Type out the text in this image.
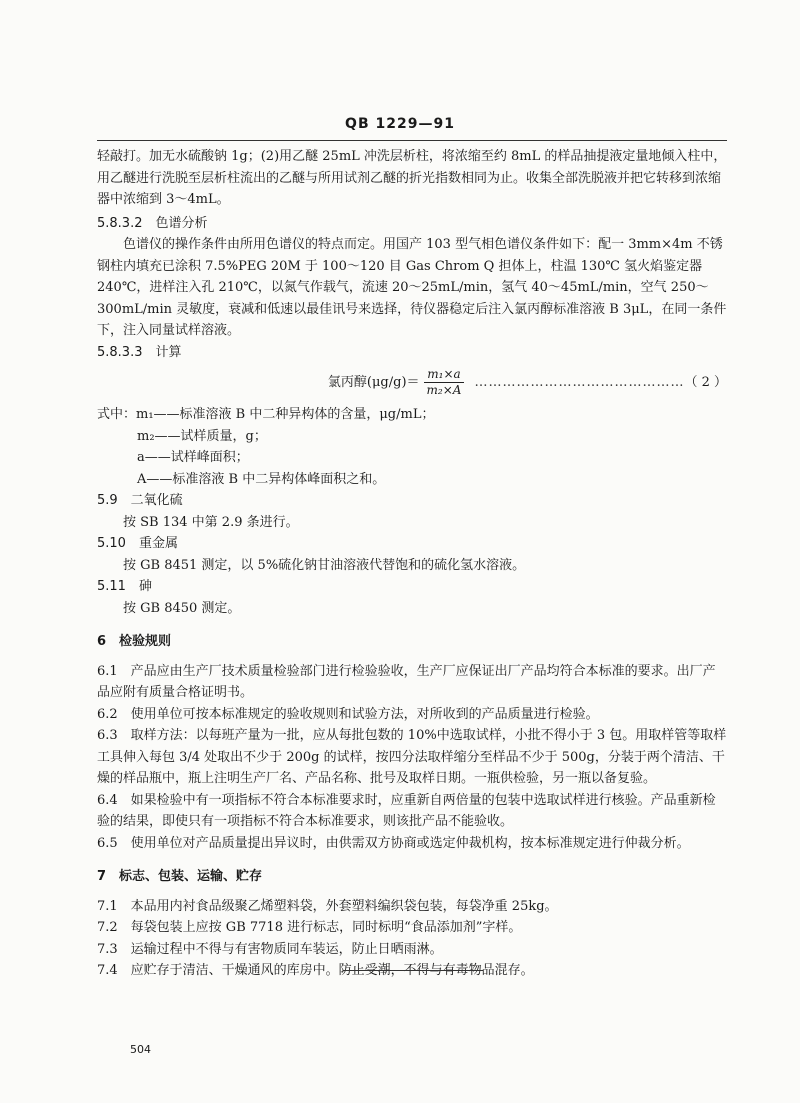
QB 1229—91

轻敲打。加无水硫酸钠 1g；(2)用乙醚 25mL 冲洗层析柱，将浓缩至约 8mL 的样品抽提液定量地倾入柱中，用乙醚进行洗脱至层析柱流出的乙醚与所用试剂乙醚的折光指数相同为止。收集全部洗脱液并把它转移到浓缩器中浓缩到 3～4mL。

5.8.3.2　色谱分析

色谱仪的操作条件由所用色谱仪的特点而定。用国产 103 型气相色谱仪条件如下：配一 3mm×4m 不锈钢柱内填充已涂积 7.5%PEG 20M 于 100～120 目 Gas Chrom Q 担体上，柱温 130℃ 氢火焰鉴定器 240℃，进样注入孔 210℃，以氮气作载气，流速 20～25mL/min，氢气 40～45mL/min，空气 250～300mL/min 灵敏度，衰减和低速以最佳讯号来选择，待仪器稳定后注入氯丙醇标准溶液 B 3μL，在同一条件下，注入同量试样溶液。

5.8.3.3　计算

氯丙醇$(\mu g/g)= \frac{\text{m₁×a}}{\text{m₂×A}}$ ……………………………………… （ 2 ）
式中：m₁——标准溶液 B 中二种异构体的含量，μg/mL；
m₂——试样质量，g；
a——试样峰面积；
A——标准溶液 B 中二异构体峰面积之和。

5.9　二氧化硫

按 SB 134 中第 2.9 条进行。

5.10　重金属

按 GB 8451 测定，以 5%硫化钠甘油溶液代替饱和的硫化氢水溶液。

5.11　砷

按 GB 8450 测定。

6　检验规则

6.1　产品应由生产厂技术质量检验部门进行检验验收，生产厂应保证出厂产品均符合本标准的要求。出厂产品应附有质量合格证明书。

6.2　使用单位可按本标准规定的验收规则和试验方法，对所收到的产品质量进行检验。

6.3　取样方法：以每班产量为一批，应从每批包数的 10%中选取试样，小批不得小于 3 包。用取样管等取样工具伸入每包 3/4 处取出不少于 200g 的试样，按四分法取样缩分至样品不少于 500g，分装于两个清洁、干燥的样品瓶中，瓶上注明生产厂名、产品名称、批号及取样日期。一瓶供检验，另一瓶以备复验。

6.4　如果检验中有一项指标不符合本标准要求时，应重新自两倍量的包装中选取试样进行核验。产品重新检验的结果，即使只有一项指标不符合本标准要求，则该批产品不能验收。

6.5　使用单位对产品质量提出异议时，由供需双方协商或选定仲裁机构，按本标准规定进行仲裁分析。

7　标志、包装、运输、贮存

7.1　本品用内衬食品级聚乙烯塑料袋，外套塑料编织袋包装，每袋净重 25kg。

7.2　每袋包装上应按 GB 7718 进行标志，同时标明“食品添加剂”字样。

7.3　运输过程中不得与有害物质同车装运，防止日晒雨淋。

7.4　应贮存于清洁、干燥通风的库房中。防止受潮，不得与有毒物品混存。

504
